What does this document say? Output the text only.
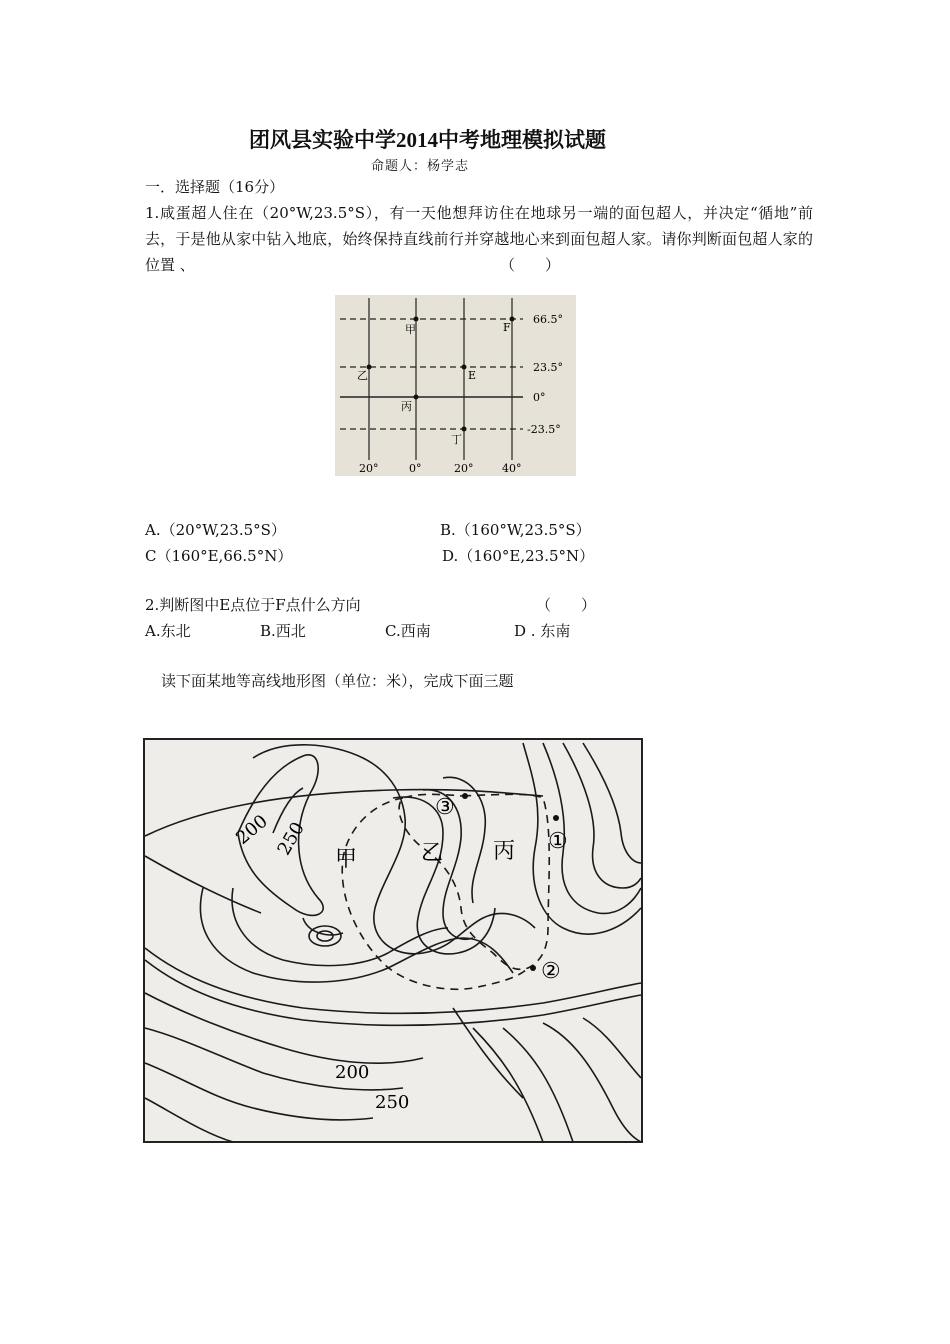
团风县实验中学2014中考地理模拟试题
命题人：杨学志
一．选择题（16分）
1.咸蛋超人住在（20°W,23.5°S），有一天他想拜访住在地球另一端的面包超人，并决定“循地”前去，于是他从家中钻入地底，始终保持直线前行并穿越地心来到面包超人家。请你判断面包超人家的位置 、	（　　）
甲
乙	E
F
丙
丁
66.5°
23.5°
0°
-23.5°
20°	0°	20°	40°
A.（20°W,23.5°S）	B.（160°W,23.5°S）
C（160°E,66.5°N）	D.（160°E,23.5°N）
2.判断图中E点位于F点什么方向	（　　）
A.东北	B.西北	C.西南	D . 东南
读下面某地等高线地形图（单位：米），完成下面三题
①
②
③
甲	乙 丙
200 250
200
250
